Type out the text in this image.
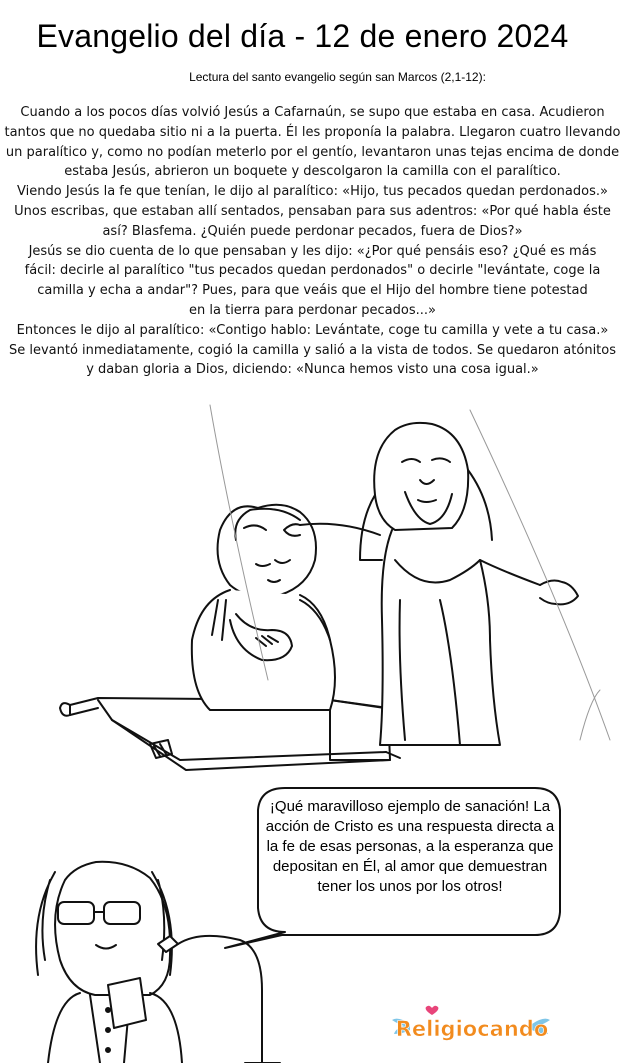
Evangelio del día - 12 de enero 2024
Lectura del santo evangelio según san Marcos (2,1-12):

Cuando a los pocos días volvió Jesús a Cafarnaún, se supo que estaba en casa. Acudieron

tantos que no quedaba sitio ni a la puerta. Él les proponía la palabra. Llegaron cuatro llevando

un paralítico y, como no podían meterlo por el gentío, levantaron unas tejas encima de donde

estaba Jesús, abrieron un boquete y descolgaron la camilla con el paralítico.

Viendo Jesús la fe que tenían, le dijo al paralítico: «Hijo, tus pecados quedan perdonados.»

Unos escribas, que estaban allí sentados, pensaban para sus adentros: «Por qué habla éste

así? Blasfema. ¿Quién puede perdonar pecados, fuera de Dios?»

Jesús se dio cuenta de lo que pensaban y les dijo: «¿Por qué pensáis eso? ¿Qué es más

fácil: decirle al paralítico "tus pecados quedan perdonados" o decirle "levántate, coge la

camilla y echa a andar"? Pues, para que veáis que el Hijo del hombre tiene potestad

en la tierra para perdonar pecados...»

Entonces le dijo al paralítico: «Contigo hablo: Levántate, coge tu camilla y vete a tu casa.»

Se levantó inmediatamente, cogió la camilla y salió a la vista de todos. Se quedaron atónitos

y daban gloria a Dios, diciendo: «Nunca hemos visto una cosa igual.»

¡Qué maravilloso ejemplo de sanación! La acción de Cristo es una respuesta directa a la fe de esas personas, a la esperanza que depositan en Él, al amor que demuestran tener los unos por los otros!
Religiocando
